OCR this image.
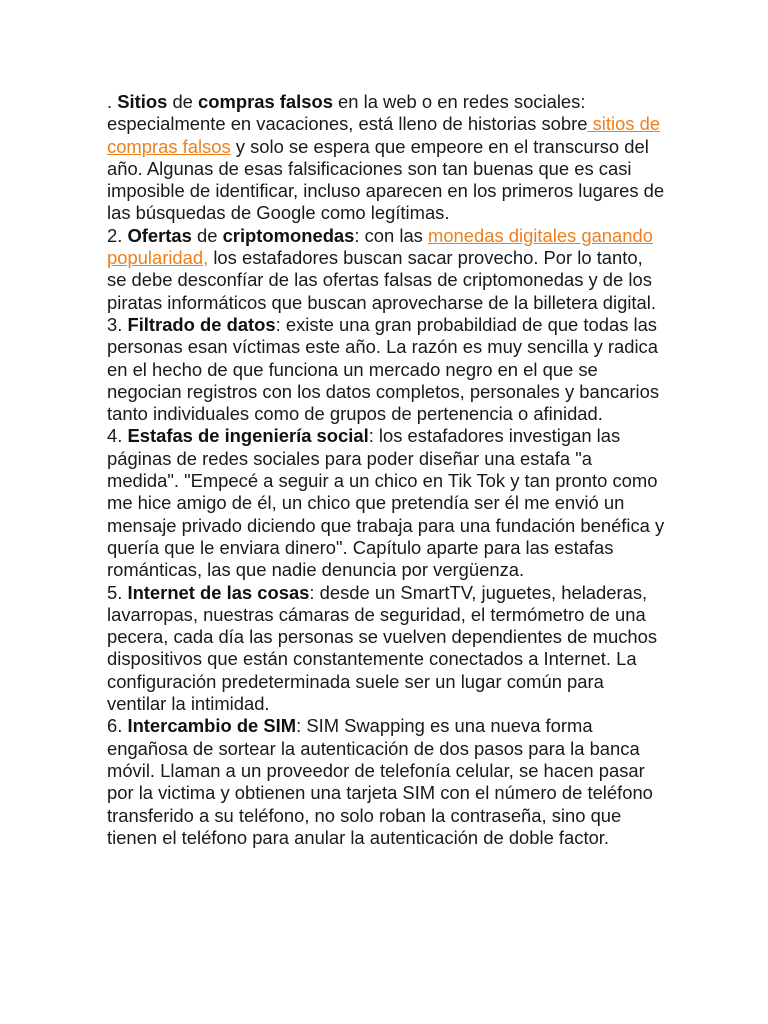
. Sitios de compras falsos en la web o en redes sociales: especialmente en vacaciones, está lleno de historias sobre sitios de compras falsos y solo se espera que empeore en el transcurso del año. Algunas de esas falsificaciones son tan buenas que es casi imposible de identificar, incluso aparecen en los primeros lugares de las búsquedas de Google como legítimas.

2. Ofertas de criptomonedas: con las monedas digitales ganando popularidad, los estafadores buscan sacar provecho. Por lo tanto, se debe desconfíar de las ofertas falsas de criptomonedas y de los piratas informáticos que buscan aprovecharse de la billetera digital.

3. Filtrado de datos: existe una gran probabildiad de que todas las personas esan víctimas este año. La razón es muy sencilla y radica en el hecho de que funciona un mercado negro en el que se negocian registros con los datos completos, personales y bancarios tanto individuales como de grupos de pertenencia o afinidad.

4. Estafas de ingeniería social: los estafadores investigan las páginas de redes sociales para poder diseñar una estafa "a medida". "Empecé a seguir a un chico en Tik Tok y tan pronto como me hice amigo de él, un chico que pretendía ser él me envió un mensaje privado diciendo que trabaja para una fundación benéfica y quería que le enviara dinero". Capítulo aparte para las estafas románticas, las que nadie denuncia por vergüenza.

5. Internet de las cosas: desde un SmartTV, juguetes, heladeras, lavarropas, nuestras cámaras de seguridad, el termómetro de una pecera, cada día las personas se vuelven dependientes de muchos dispositivos que están constantemente conectados a Internet. La configuración predeterminada suele ser un lugar común para ventilar la intimidad.

6. Intercambio de SIM: SIM Swapping es una nueva forma engañosa de sortear la autenticación de dos pasos para la banca móvil. Llaman a un proveedor de telefonía celular, se hacen pasar por la victima y obtienen una tarjeta SIM con el número de teléfono transferido a su teléfono, no solo roban la contraseña, sino que tienen el teléfono para anular la autenticación de doble factor.
